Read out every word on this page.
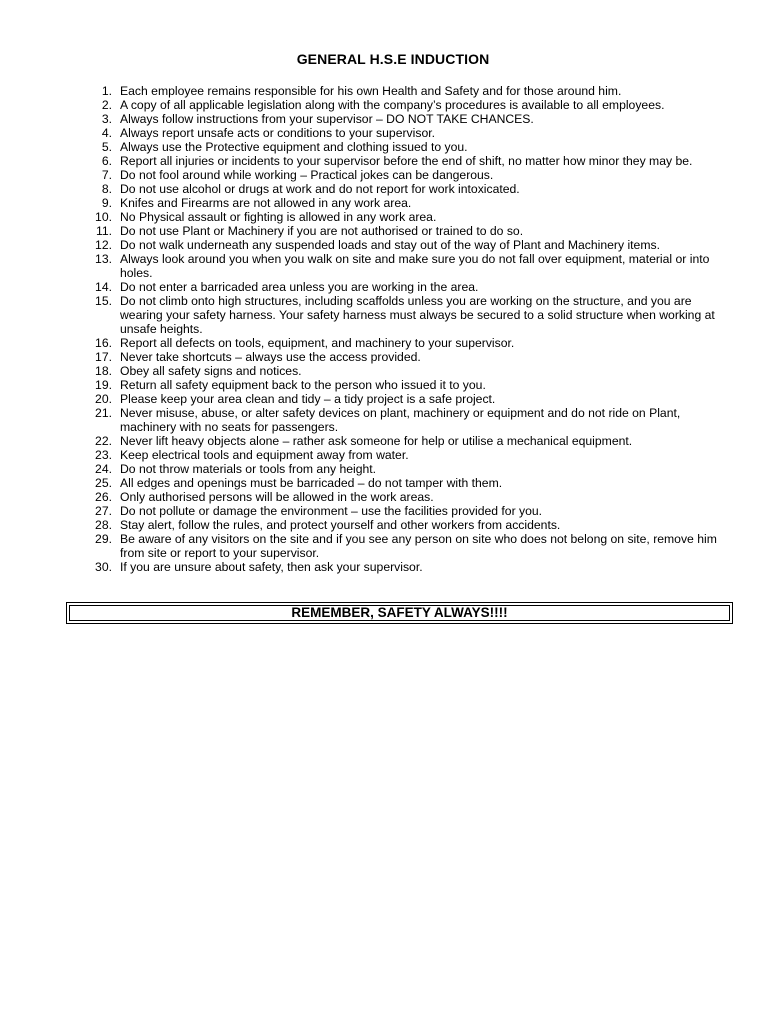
GENERAL H.S.E INDUCTION
1. Each employee remains responsible for his own Health and Safety and for those around him.
2. A copy of all applicable legislation along with the company’s procedures is available to all employees.
3. Always follow instructions from your supervisor – DO NOT TAKE CHANCES.
4. Always report unsafe acts or conditions to your supervisor.
5. Always use the Protective equipment and clothing issued to you.
6. Report all injuries or incidents to your supervisor before the end of shift, no matter how minor they may be.
7. Do not fool around while working – Practical jokes can be dangerous.
8. Do not use alcohol or drugs at work and do not report for work intoxicated.
9. Knifes and Firearms are not allowed in any work area.
10. No Physical assault or fighting is allowed in any work area.
11. Do not use Plant or Machinery if you are not authorised or trained to do so.
12. Do not walk underneath any suspended loads and stay out of the way of Plant and Machinery items.
13. Always look around you when you walk on site and make sure you do not fall over equipment, material or into holes.
14. Do not enter a barricaded area unless you are working in the area.
15. Do not climb onto high structures, including scaffolds unless you are working on the structure, and you are wearing your safety harness. Your safety harness must always be secured to a solid structure when working at unsafe heights.
16. Report all defects on tools, equipment, and machinery to your supervisor.
17. Never take shortcuts – always use the access provided.
18. Obey all safety signs and notices.
19. Return all safety equipment back to the person who issued it to you.
20. Please keep your area clean and tidy – a tidy project is a safe project.
21. Never misuse, abuse, or alter safety devices on plant, machinery or equipment and do not ride on Plant, machinery with no seats for passengers.
22. Never lift heavy objects alone – rather ask someone for help or utilise a mechanical equipment.
23. Keep electrical tools and equipment away from water.
24. Do not throw materials or tools from any height.
25. All edges and openings must be barricaded – do not tamper with them.
26. Only authorised persons will be allowed in the work areas.
27. Do not pollute or damage the environment – use the facilities provided for you.
28. Stay alert, follow the rules, and protect yourself and other workers from accidents.
29. Be aware of any visitors on the site and if you see any person on site who does not belong on site, remove him from site or report to your supervisor.
30. If you are unsure about safety, then ask your supervisor.
REMEMBER, SAFETY ALWAYS!!!!
